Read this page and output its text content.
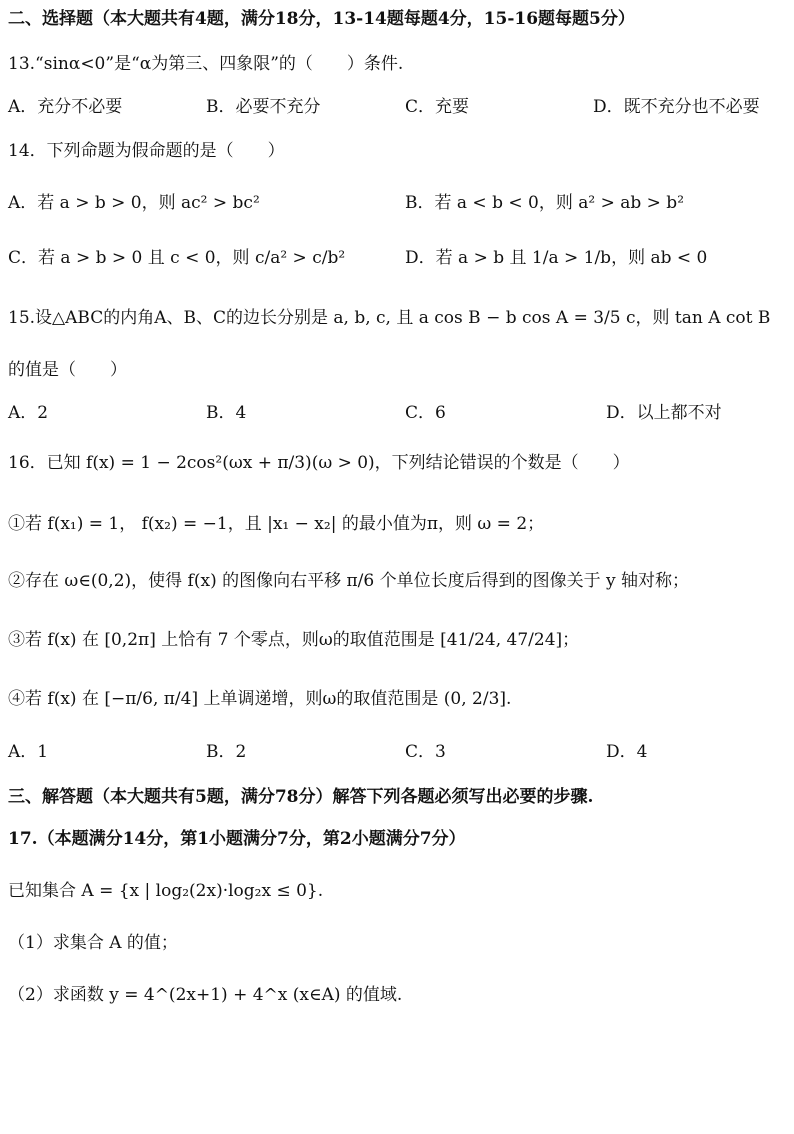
二、选择题（本大题共有4题，满分18分，13-14题每题4分，15-16题每题5分）
13.“sinα<0”是“α为第三、四象限”的（　　）条件.
A．充分不必要	B．必要不充分	C．充要	D．既不充分也不必要
14．下列命题为假命题的是（　　）
A．若 a > b > 0，则 ac² > bc²	B．若 a < b < 0，则 a² > ab > b²
C．若 a > b > 0 且 c < 0，则 c/a² > c/b²	D．若 a > b 且 1/a > 1/b，则 ab < 0
15.设△ABC的内角A、B、C的边长分别是 a, b, c, 且 a cos B − b cos A = 3/5 c，则 tan A cot B
的值是（　　）
A．2	B．4	C．6	D．以上都不对
16．已知 f(x) = 1 − 2cos²(ωx + π/3)(ω > 0)，下列结论错误的个数是（　　）
①若 f(x₁) = 1， f(x₂) = −1，且 |x₁ − x₂| 的最小值为π，则 ω = 2；
②存在 ω∈(0,2)，使得 f(x) 的图像向右平移 π/6 个单位长度后得到的图像关于 y 轴对称；
③若 f(x) 在 [0,2π] 上恰有 7 个零点，则ω的取值范围是 [41/24, 47/24]；
④若 f(x) 在 [−π/6, π/4] 上单调递增，则ω的取值范围是 (0, 2/3].
A．1	B．2	C．3	D．4
三、解答题（本大题共有5题，满分78分）解答下列各题必须写出必要的步骤.
17.（本题满分14分，第1小题满分7分，第2小题满分7分）
已知集合 A = {x | log₂(2x)·log₂x ≤ 0}.
（1）求集合 A 的值；
（2）求函数 y = 4^(2x+1) + 4^x (x∈A) 的值域.
